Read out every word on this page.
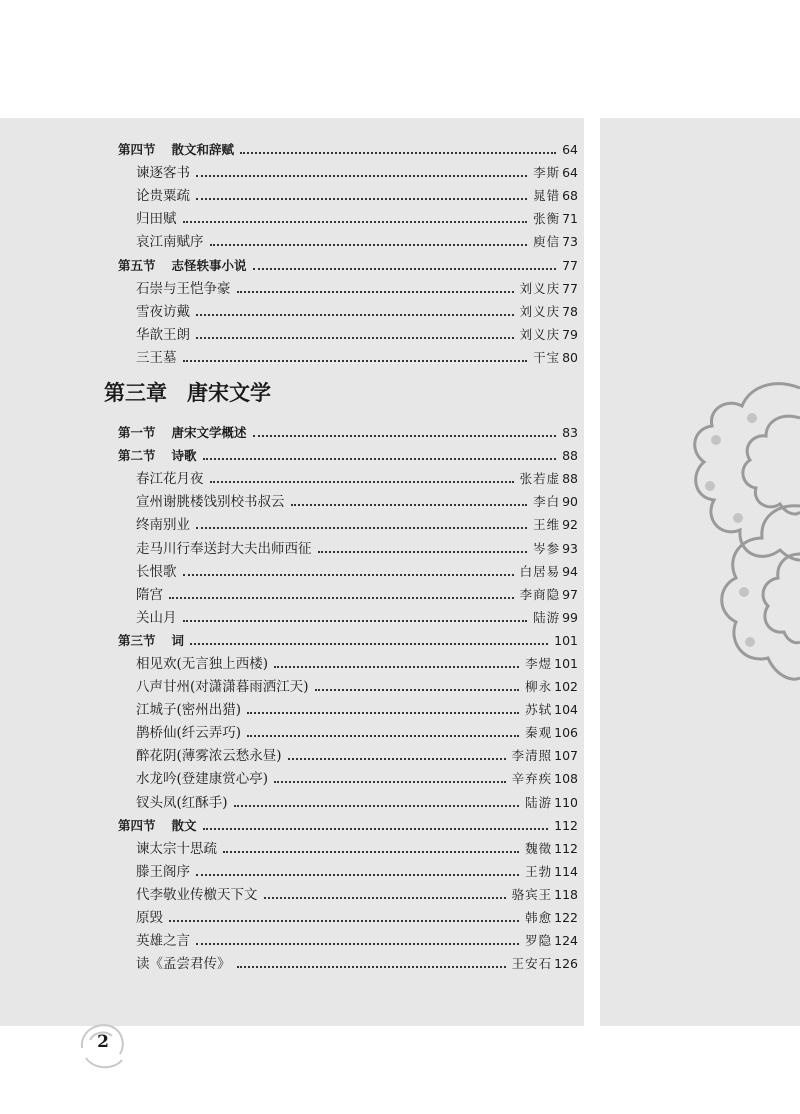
第四节 散文和辞赋	64
谏逐客书	李斯 64
论贵粟疏	晁错 68
归田赋	张衡 71
哀江南赋序	庾信 73
第五节 志怪轶事小说	77
石崇与王恺争豪	刘义庆 77
雪夜访戴	刘义庆 78
华歆王朗	刘义庆 79
三王墓	干宝 80
第三章 唐宋文学
第一节 唐宋文学概述	83
第二节 诗歌	88
春江花月夜	张若虚 88
宣州谢朓楼饯别校书叔云	李白 90
终南别业	王维 92
走马川行奉送封大夫出师西征	岑参 93
长恨歌	白居易 94
隋宫	李商隐 97
关山月	陆游 99
第三节 词	101
相见欢(无言独上西楼)	李煜 101
八声甘州(对潇潇暮雨洒江天)	柳永 102
江城子(密州出猎)	苏轼 104
鹊桥仙(纤云弄巧)	秦观 106
醉花阴(薄雾浓云愁永昼)	李清照 107
水龙吟(登建康赏心亭)	辛弃疾 108
钗头凤(红酥手)	陆游 110
第四节 散文	112
谏太宗十思疏	魏徵 112
滕王阁序	王勃 114
代李敬业传檄天下文	骆宾王 118
原毁	韩愈 122
英雄之言	罗隐 124
读《孟尝君传》	王安石 126
2
